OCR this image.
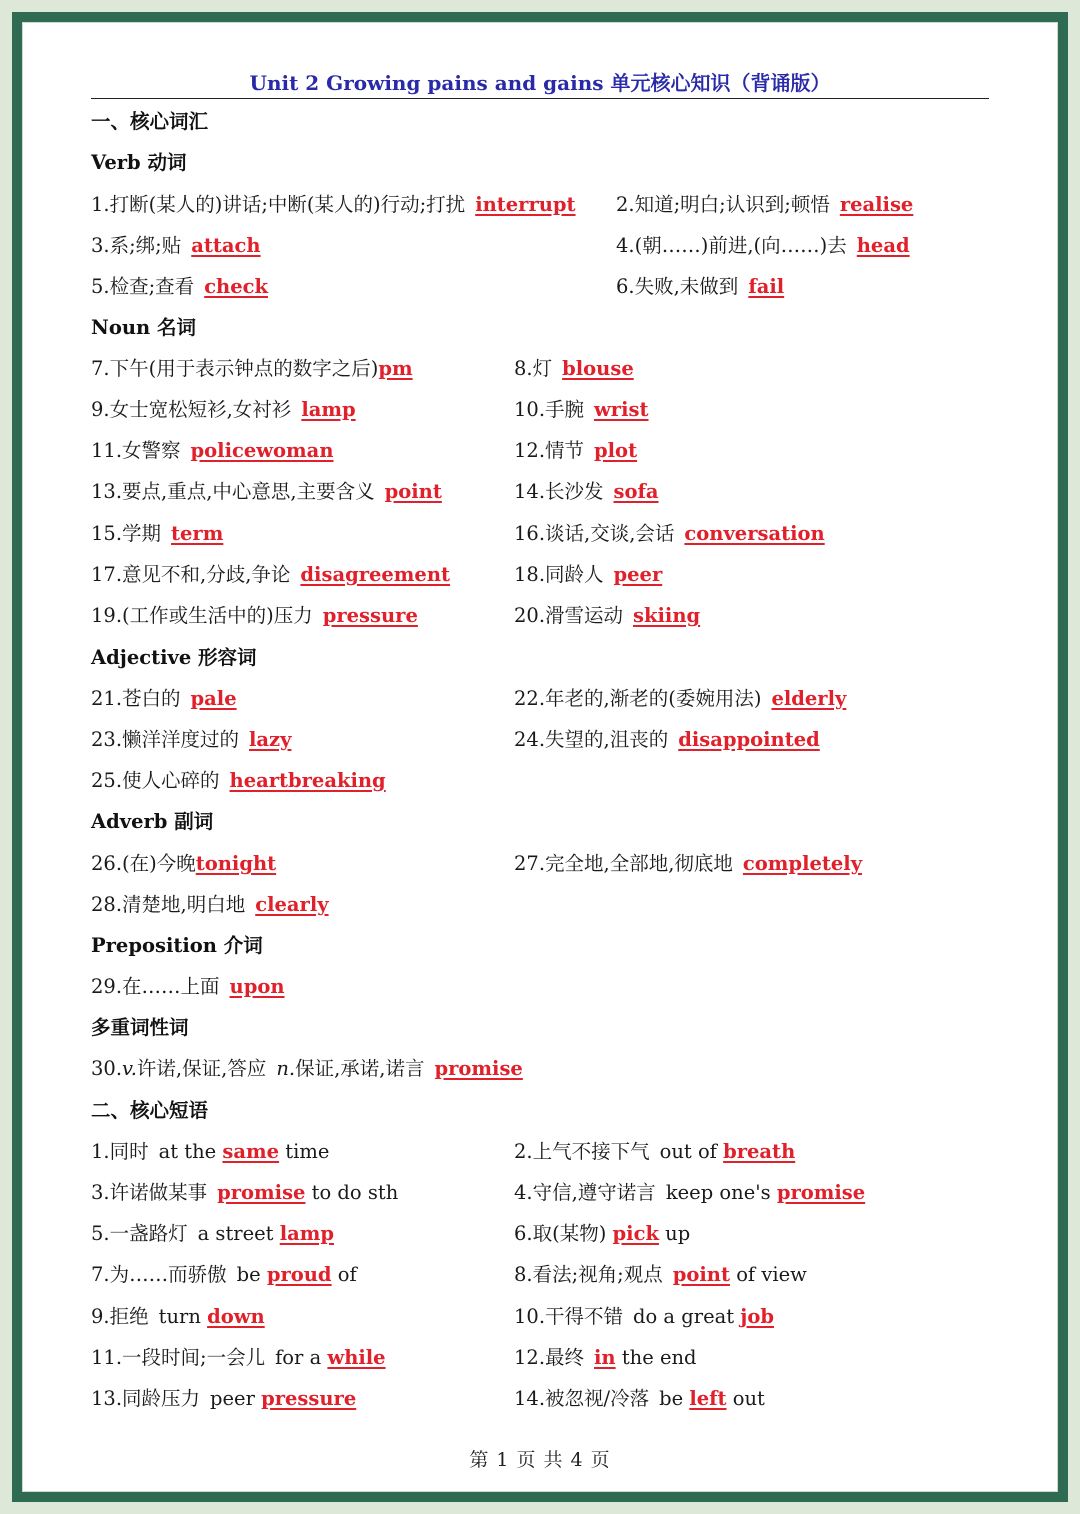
Unit 2 Growing pains and gains 单元核心知识（背诵版）
一、核心词汇
Verb 动词
1.打断(某人的)讲话;中断(某人的)行动;打扰 interrupt 2.知道;明白;认识到;顿悟 realise
3.系;绑;贴 attach	4.(朝……)前进,(向……)去 head
5.检查;查看 check	6.失败,未做到 fail
Noun 名词
7.下午(用于表示钟点的数字之后)pm	8.灯 blouse
9.女士宽松短衫,女衬衫 lamp	10.手腕 wrist
11.女警察 policewoman	12.情节 plot
13.要点,重点,中心意思,主要含义 point	14.长沙发 sofa
15.学期 term	16.谈话,交谈,会话 conversation
17.意见不和,分歧,争论 disagreement	18.同龄人 peer
19.(工作或生活中的)压力 pressure	20.滑雪运动 skiing
Adjective 形容词
21.苍白的 pale	22.年老的,渐老的(委婉用法) elderly
23.懒洋洋度过的 lazy	24.失望的,沮丧的 disappointed
25.使人心碎的 heartbreaking
Adverb 副词
26.(在)今晚tonight	27.完全地,全部地,彻底地 completely
28.清楚地,明白地 clearly
Preposition 介词
29.在……上面 upon
多重词性词
30.v.许诺,保证,答应 n.保证,承诺,诺言 promise
二、核心短语
1.同时 at the same time	2.上气不接下气 out of breath
3.许诺做某事 promise to do sth	4.守信,遵守诺言 keep one's promise
5.一盏路灯 a street lamp	6.取(某物) pick up
7.为……而骄傲 be proud of	8.看法;视角;观点 point of view
9.拒绝 turn down	10.干得不错 do a great job
11.一段时间;一会儿 for a while	12.最终 in the end
13.同龄压力 peer pressure	14.被忽视/冷落 be left out
第 1 页 共 4 页
